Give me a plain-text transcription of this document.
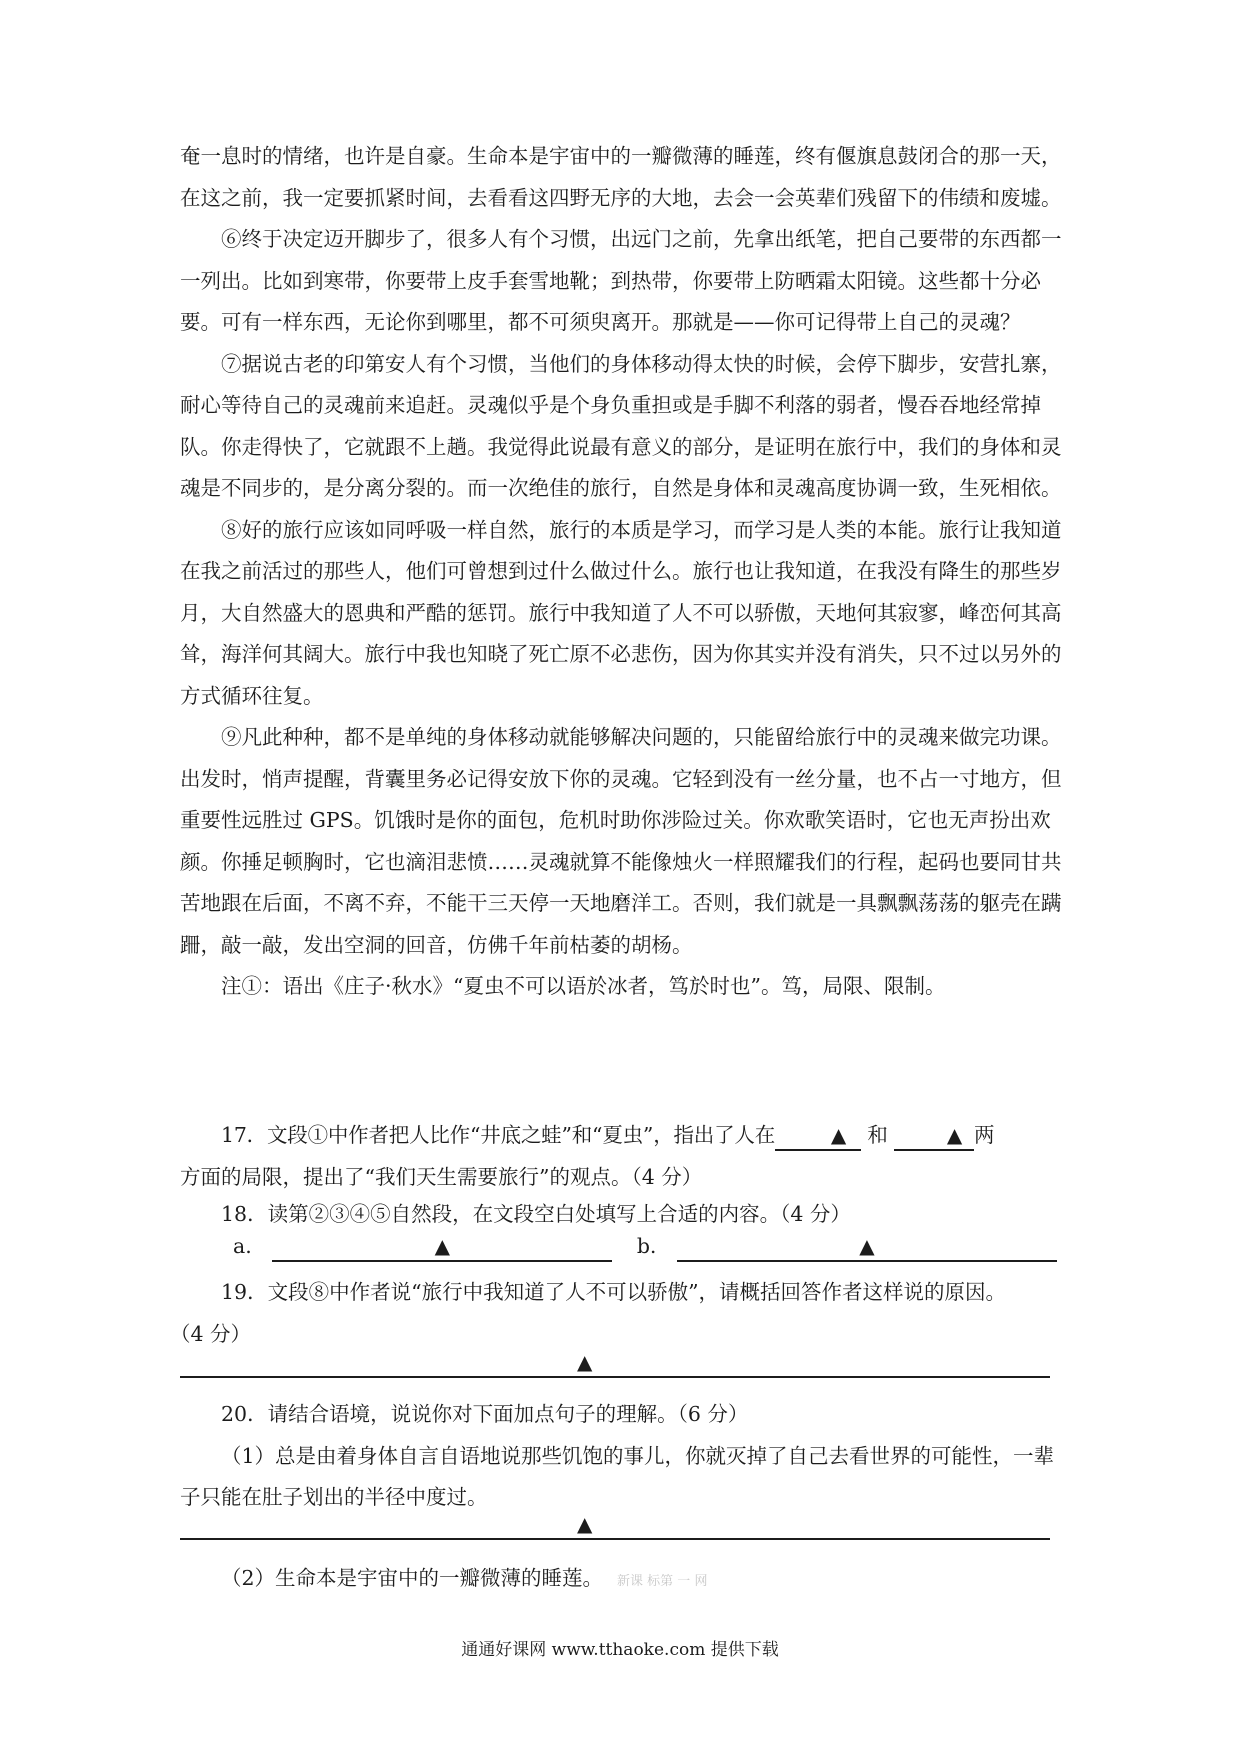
奄一息时的情绪，也许是自豪。生命本是宇宙中的一瓣微薄的睡莲，终有偃旗息鼓闭合的那一天，在这之前，我一定要抓紧时间，去看看这四野无序的大地，去会一会英辈们残留下的伟绩和废墟。

⑥终于决定迈开脚步了，很多人有个习惯，出远门之前，先拿出纸笔，把自己要带的东西都一一列出。比如到寒带，你要带上皮手套雪地靴；到热带，你要带上防晒霜太阳镜。这些都十分必要。可有一样东西，无论你到哪里，都不可须臾离开。那就是——你可记得带上自己的灵魂？

⑦据说古老的印第安人有个习惯，当他们的身体移动得太快的时候，会停下脚步，安营扎寨，耐心等待自己的灵魂前来追赶。灵魂似乎是个身负重担或是手脚不利落的弱者，慢吞吞地经常掉队。你走得快了，它就跟不上趟。我觉得此说最有意义的部分，是证明在旅行中，我们的身体和灵魂是不同步的，是分离分裂的。而一次绝佳的旅行，自然是身体和灵魂高度协调一致，生死相依。

⑧好的旅行应该如同呼吸一样自然，旅行的本质是学习，而学习是人类的本能。旅行让我知道在我之前活过的那些人，他们可曾想到过什么做过什么。旅行也让我知道，在我没有降生的那些岁月，大自然盛大的恩典和严酷的惩罚。旅行中我知道了人不可以骄傲，天地何其寂寥，峰峦何其高耸，海洋何其阔大。旅行中我也知晓了死亡原不必悲伤，因为你其实并没有消失，只不过以另外的方式循环往复。

⑨凡此种种，都不是单纯的身体移动就能够解决问题的，只能留给旅行中的灵魂来做完功课。出发时，悄声提醒，背囊里务必记得安放下你的灵魂。它轻到没有一丝分量，也不占一寸地方，但重要性远胜过 GPS。饥饿时是你的面包，危机时助你涉险过关。你欢歌笑语时，它也无声扮出欢颜。你捶足顿胸时，它也滴泪悲愤……灵魂就算不能像烛火一样照耀我们的行程，起码也要同甘共苦地跟在后面，不离不弃，不能干三天停一天地磨洋工。否则，我们就是一具飘飘荡荡的躯壳在蹒跚，敲一敲，发出空洞的回音，仿佛千年前枯萎的胡杨。

注①：语出《庄子·秋水》“夏虫不可以语於冰者，笃於时也”。笃，局限、限制。

17．文段①中作者把人比作“井底之蛙”和“夏虫”，指出了人在	▲ 和	▲ 两

方面的局限，提出了“我们天生需要旅行”的观点。（4 分）

18．读第②③④⑤自然段，在文段空白处填写上合适的内容。（4 分）

a.	▲	b.	▲

19．文段⑧中作者说“旅行中我知道了人不可以骄傲”，请概括回答作者这样说的原因。

（4 分）

▲

20．请结合语境，说说你对下面加点句子的理解。（6 分）

（1）总是由着身体自言自语地说那些饥饱的事儿，你就灭掉了自己去看世界的可能性，一辈子只能在肚子划出的半径中度过。

▲

（2）生命本是宇宙中的一瓣微薄的睡莲。 新课 标第 一 网

通通好课网 www.tthaoke.com 提供下载
